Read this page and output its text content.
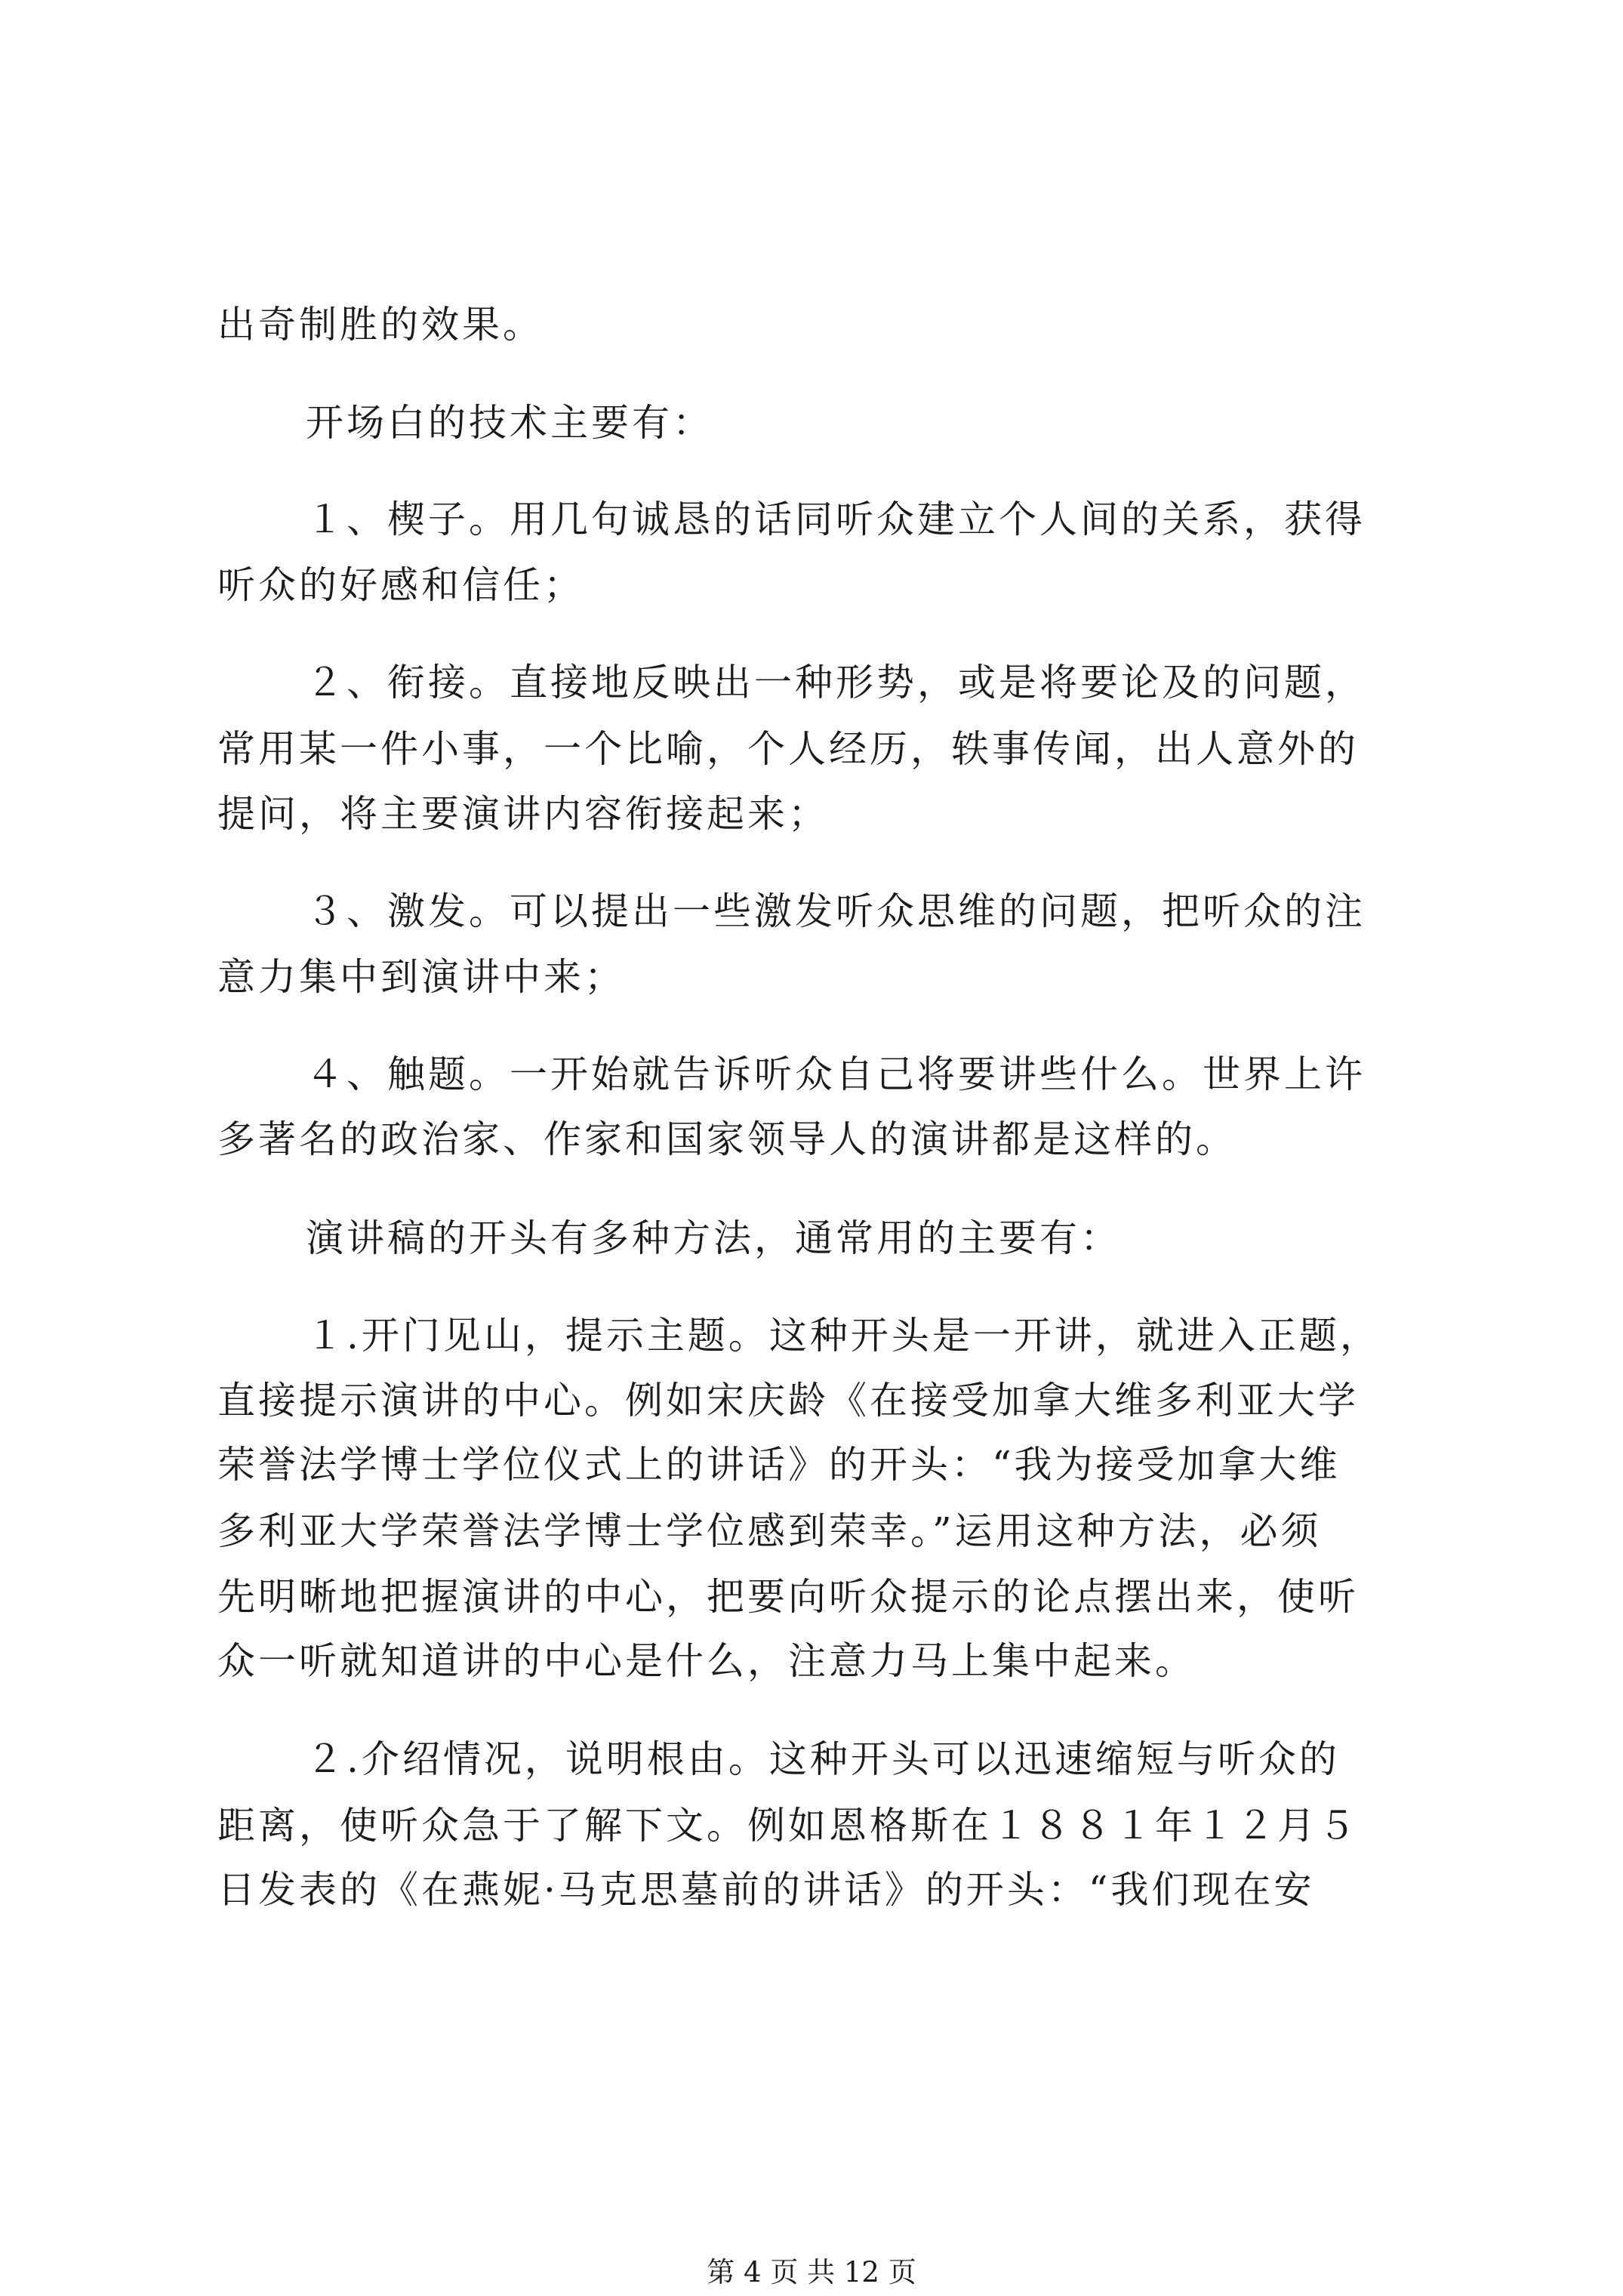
出奇制胜的效果。
开场白的技术主要有：
１、楔子。用几句诚恳的话同听众建立个人间的关系，获得
听众的好感和信任；
２、衔接。直接地反映出一种形势，或是将要论及的问题，
常用某一件小事，一个比喻，个人经历，轶事传闻，出人意外的
提问，将主要演讲内容衔接起来；
３、激发。可以提出一些激发听众思维的问题，把听众的注
意力集中到演讲中来；
４、触题。一开始就告诉听众自己将要讲些什么。世界上许
多著名的政治家、作家和国家领导人的演讲都是这样的。
演讲稿的开头有多种方法，通常用的主要有：
１.开门见山，提示主题。这种开头是一开讲，就进入正题，
直接提示演讲的中心。例如宋庆龄《在接受加拿大维多利亚大学
荣誉法学博士学位仪式上的讲话》的开头：“我为接受加拿大维
多利亚大学荣誉法学博士学位感到荣幸。”运用这种方法，必须
先明晰地把握演讲的中心，把要向听众提示的论点摆出来，使听
众一听就知道讲的中心是什么，注意力马上集中起来。
２.介绍情况，说明根由。这种开头可以迅速缩短与听众的
距离，使听众急于了解下文。例如恩格斯在１８８１年１２月５
日发表的《在燕妮·马克思墓前的讲话》的开头：“我们现在安
第 4 页 共 12 页
